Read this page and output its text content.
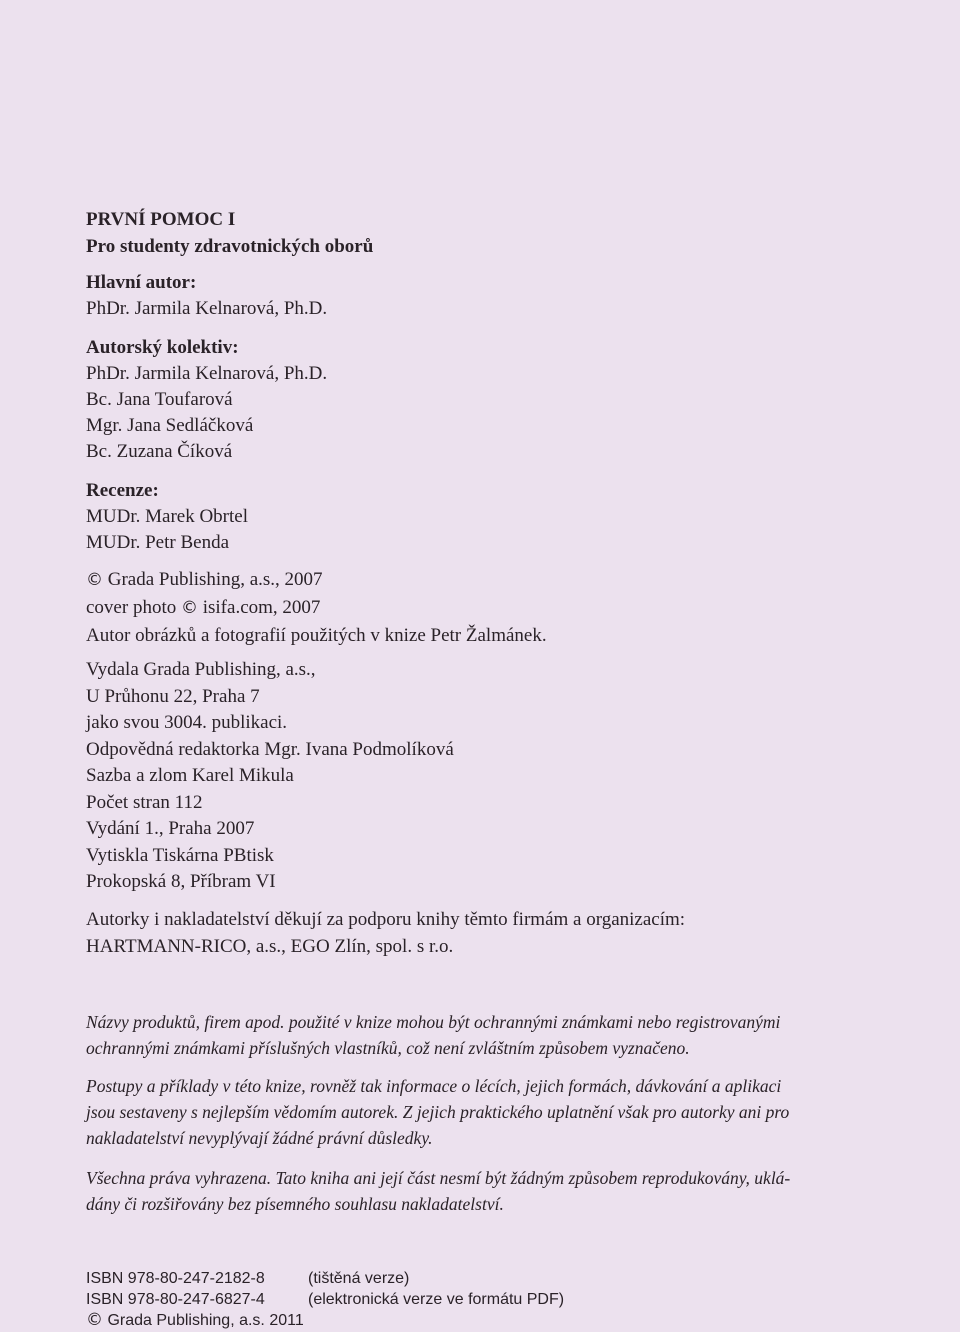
PRVNÍ POMOC I
Pro studenty zdravotnických oborů
Hlavní autor:
PhDr. Jarmila Kelnarová, Ph.D.
Autorský kolektiv:
PhDr. Jarmila Kelnarová, Ph.D.
Bc. Jana Toufarová
Mgr. Jana Sedláčková
Bc. Zuzana Číková
Recenze:
MUDr. Marek Obrtel
MUDr. Petr Benda
© Grada Publishing, a.s., 2007
cover photo © isifa.com, 2007
Autor obrázků a fotografií použitých v knize Petr Žalmánek.
Vydala Grada Publishing, a.s.,
U Průhonu 22, Praha 7
jako svou 3004. publikaci.
Odpovědná redaktorka Mgr. Ivana Podmolíková
Sazba a zlom Karel Mikula
Počet stran 112
Vydání 1., Praha 2007
Vytiskla Tiskárna PBtisk
Prokopská 8, Příbram VI
Autorky i nakladatelství děkují za podporu knihy těmto firmám a organizacím:
HARTMANN-RICO, a.s., EGO Zlín, spol. s r.o.
Názvy produktů, firem apod. použité v knize mohou být ochrannými známkami nebo registrovanými
ochrannými známkami příslušných vlastníků, což není zvláštním způsobem vyznačeno.
Postupy a příklady v této knize, rovněž tak informace o lécích, jejich formách, dávkování a aplikaci
jsou sestaveny s nejlepším vědomím autorek. Z jejich praktického uplatnění však pro autorky ani pro
nakladatelství nevyplývají žádné právní důsledky.
Všechna práva vyhrazena. Tato kniha ani její část nesmí být žádným způsobem reprodukovány, uklá-
dány či rozšiřovány bez písemného souhlasu nakladatelství.
ISBN 978-80-247-2182-8	(tištěná verze)
ISBN 978-80-247-6827-4	(elektronická verze ve formátu PDF)
©
Grada Publishing, a.s. 2011
